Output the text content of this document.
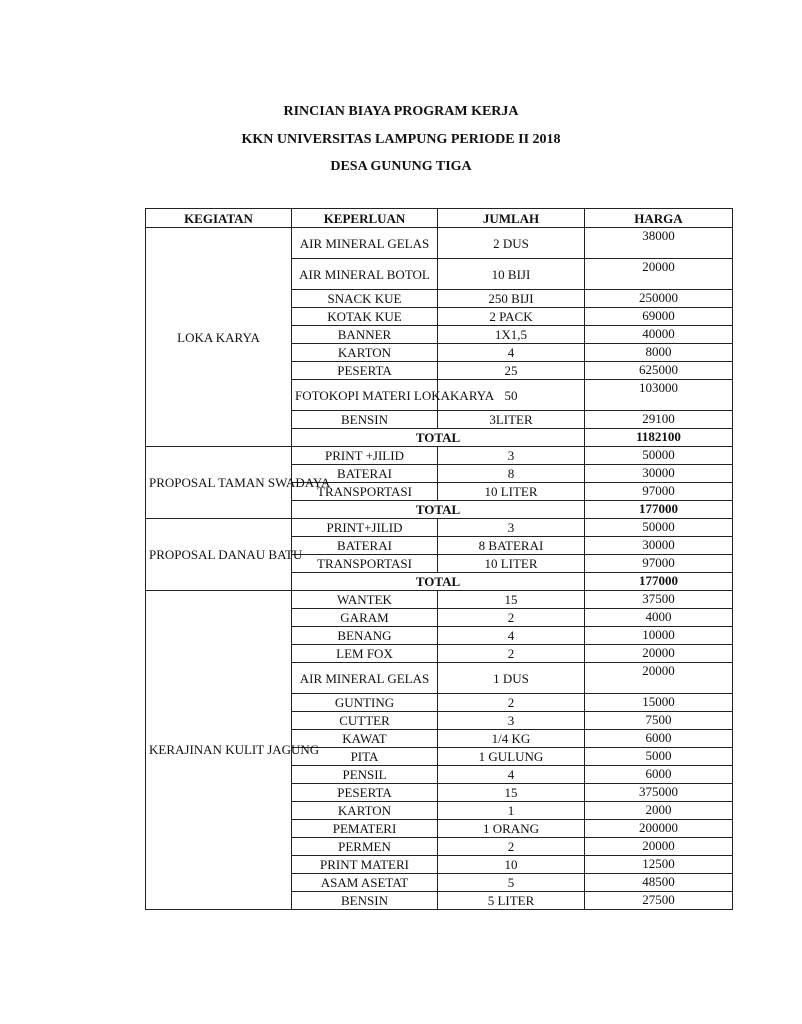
RINCIAN BIAYA PROGRAM KERJA
KKN UNIVERSITAS LAMPUNG PERIODE II 2018
DESA GUNUNG TIGA
KEGIATAN	KEPERLUAN	JUMLAH	HARGA
LOKA KARYA	AIR MINERAL GELAS	2 DUS	38000
	AIR MINERAL BOTOL	10 BIJI	20000
	SNACK KUE	250 BIJI	250000
	KOTAK KUE	2 PACK	69000
	BANNER	1X1,5	40000
	KARTON	4	8000
	PESERTA	25	625000
	FOTOKOPI MATERI LOKAKARYA	50	103000
	BENSIN	3LITER	29100
	TOTAL		1182100
PROPOSAL TAMAN SWADAYA	PRINT +JILID	3	50000
	BATERAI	8	30000
	TRANSPORTASI	10 LITER	97000
	TOTAL		177000
PROPOSAL DANAU BATU	PRINT+JILID	3	50000
	BATERAI	8 BATERAI	30000
	TRANSPORTASI	10 LITER	97000
	TOTAL		177000
KERAJINAN KULIT JAGUNG	WANTEK	15	37500
	GARAM	2	4000
	BENANG	4	10000
	LEM FOX	2	20000
	AIR MINERAL GELAS	1 DUS	20000
	GUNTING	2	15000
	CUTTER	3	7500
	KAWAT	1/4 KG	6000
	PITA	1 GULUNG	5000
	PENSIL	4	6000
	PESERTA	15	375000
	KARTON	1	2000
	PEMATERI	1 ORANG	200000
	PERMEN	2	20000
	PRINT MATERI	10	12500
	ASAM ASETAT	5	48500
	BENSIN	5 LITER	27500
